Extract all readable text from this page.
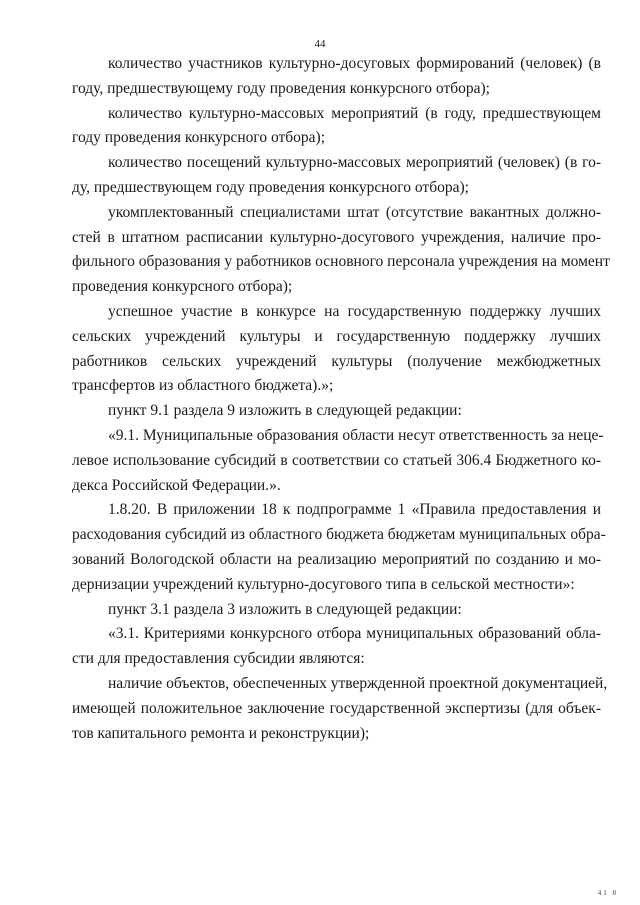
44

количество участников культурно-досуговых формирований (человек) (в
году, предшествующему году проведения конкурсного отбора);

количество культурно-массовых мероприятий (в году, предшествующем
году проведения конкурсного отбора);

количество посещений культурно-массовых мероприятий (человек) (в го-
ду, предшествующем году проведения конкурсного отбора);

укомплектованный специалистами штат (отсутствие вакантных должно-
стей в штатном расписании культурно-досугового учреждения, наличие про-
фильного образования у работников основного персонала учреждения на момент
проведения конкурсного отбора);

успешное участие в конкурсе на государственную поддержку лучших
сельских учреждений культуры и государственную поддержку лучших
работников сельских учреждений культуры (получение межбюджетных
трансфертов из областного бюджета).»;

пункт 9.1 раздела 9 изложить в следующей редакции:

«9.1. Муниципальные образования области несут ответственность за неце-
левое использование субсидий в соответствии со статьей 306.4 Бюджетного ко-
декса Российской Федерации.».

1.8.20. В приложении 18 к подпрограмме 1 «Правила предоставления и
расходования субсидий из областного бюджета бюджетам муниципальных обра-
зований Вологодской области на реализацию мероприятий по созданию и мо-
дернизации учреждений культурно-досугового типа в сельской местности»:

пункт 3.1 раздела 3 изложить в следующей редакции:

«3.1. Критериями конкурсного отбора муниципальных образований обла-
сти для предоставления субсидии являются:

наличие объектов, обеспеченных утвержденной проектной документацией,
имеющей положительное заключение государственной экспертизы (для объек-
тов капитального ремонта и реконструкции);

41 8
